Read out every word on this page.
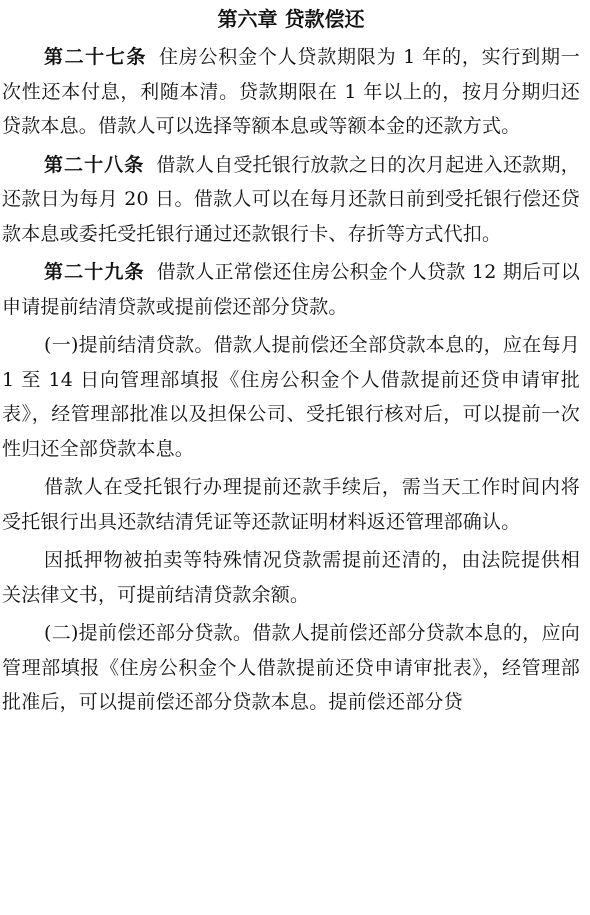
第六章 贷款偿还

第二十七条 住房公积金个人贷款期限为 1 年的，实行到期一次性还本付息，利随本清。贷款期限在 1 年以上的，按月分期归还贷款本息。借款人可以选择等额本息或等额本金的还款方式。

第二十八条 借款人自受托银行放款之日的次月起进入还款期，还款日为每月 20 日。借款人可以在每月还款日前到受托银行偿还贷款本息或委托受托银行通过还款银行卡、存折等方式代扣。

第二十九条 借款人正常偿还住房公积金个人贷款 12 期后可以申请提前结清贷款或提前偿还部分贷款。

(一)提前结清贷款。借款人提前偿还全部贷款本息的，应在每月 1 至 14 日向管理部填报《住房公积金个人借款提前还贷申请审批表》，经管理部批准以及担保公司、受托银行核对后，可以提前一次性归还全部贷款本息。

借款人在受托银行办理提前还款手续后，需当天工作时间内将受托银行出具还款结清凭证等还款证明材料返还管理部确认。

因抵押物被拍卖等特殊情况贷款需提前还清的，由法院提供相关法律文书，可提前结清贷款余额。

(二)提前偿还部分贷款。借款人提前偿还部分贷款本息的，应向管理部填报《住房公积金个人借款提前还贷申请审批表》，经管理部批准后，可以提前偿还部分贷款本息。提前偿还部分贷
